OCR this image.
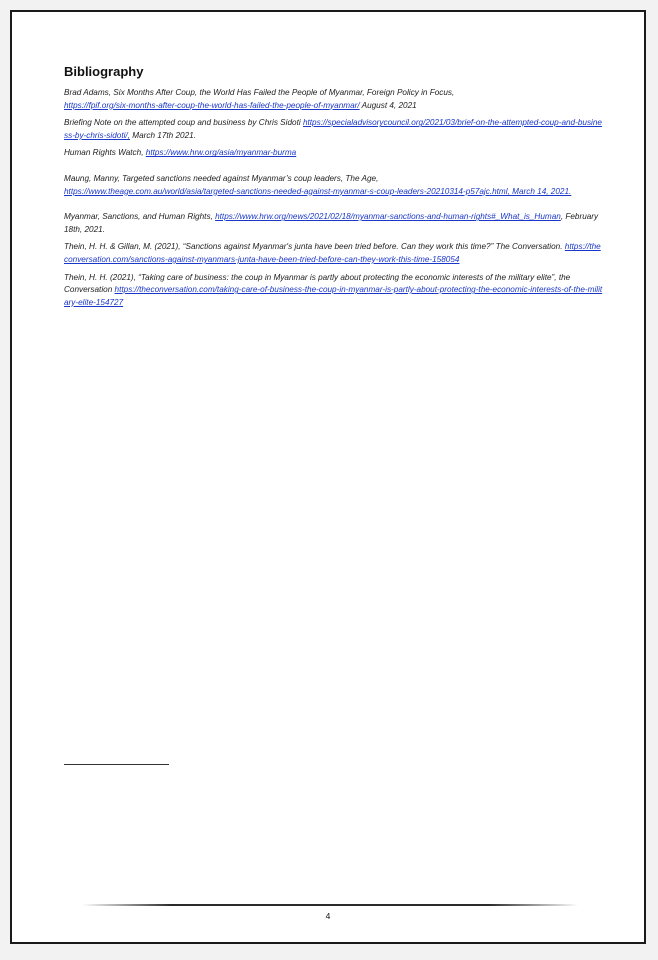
Bibliography

Brad Adams, Six Months After Coup, the World Has Failed the People of Myanmar, Foreign Policy in Focus,
https://fpif.org/six-months-after-coup-the-world-has-failed-the-people-of-myanmar/ August 4, 2021

Briefing Note on the attempted coup and business by Chris Sidoti https://specialadvisorycouncil.org/2021/03/brief-on-the-attempted-coup-and-business-by-chris-sidoti/, March 17th 2021.

Human Rights Watch, https://www.hrw.org/asia/myanmar-burma

Maung, Manny, Targeted sanctions needed against Myanmar’s coup leaders, The Age,
https://www.theage.com.au/world/asia/targeted-sanctions-needed-against-myanmar-s-coup-leaders-20210314-p57ajc.html, March 14, 2021.

Myanmar, Sanctions, and Human Rights, https://www.hrw.org/news/2021/02/18/myanmar-sanctions-and-human-rights#_What_is_Human, February 18th, 2021.

Thein, H. H. & Gillan, M. (2021), “Sanctions against Myanmar's junta have been tried before. Can they work this time?” The Conversation. https://theconversation.com/sanctions-against-myanmars-junta-have-been-tried-before-can-they-work-this-time-158054

Thein, H. H. (2021), “Taking care of business: the coup in Myanmar is partly about protecting the economic interests of the military elite”, the Conversation https://theconversation.com/taking-care-of-business-the-coup-in-myanmar-is-partly-about-protecting-the-economic-interests-of-the-military-elite-154727

4
